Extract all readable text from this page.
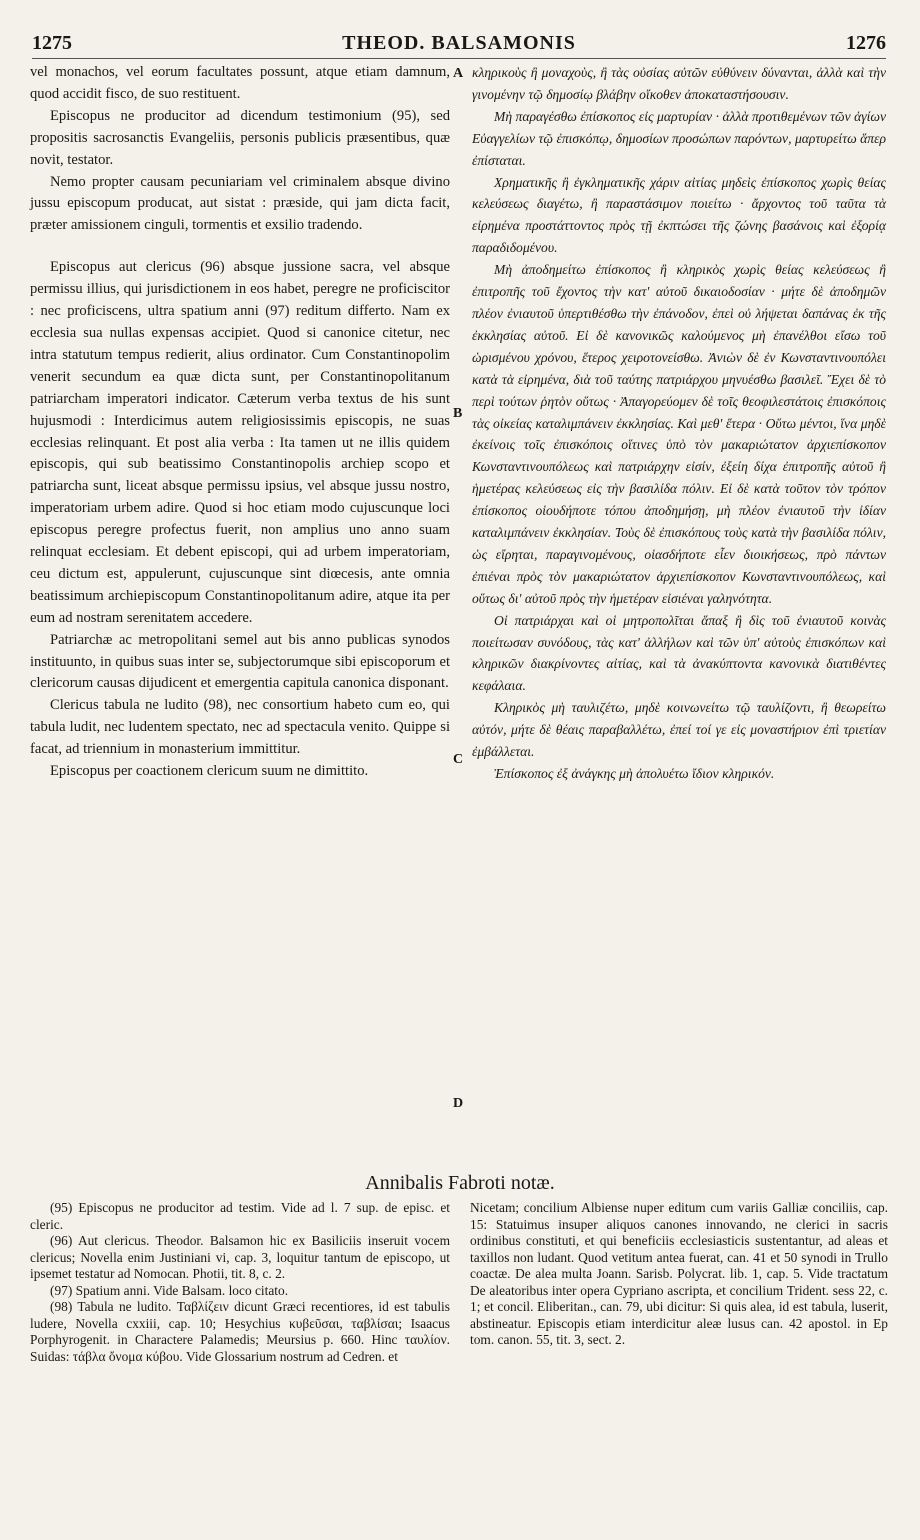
1275	THEOD. BALSAMONIS	1276
A
B
C
D

vel monachos, vel eorum facultates possunt, atque etiam damnum, quod accidit fisco, de suo restituent.

Episcopus ne producitor ad dicendum testimonium (95), sed propositis sacrosanctis Evangeliis, personis publicis præsentibus, quæ novit, testator.

Nemo propter causam pecuniariam vel criminalem absque divino jussu episcopum producat, aut sistat : præside, qui jam dicta facit, præter amissionem cinguli, tormentis et exsilio tradendo.

Episcopus aut clericus (96) absque jussione sacra, vel absque permissu illius, qui jurisdictionem in eos habet, peregre ne proficiscitor : nec proficiscens, ultra spatium anni (97) reditum differto. Nam ex ecclesia sua nullas expensas accipiet. Quod si canonice citetur, nec intra statutum tempus redierit, alius ordinator. Cum Constantinopolim venerit secundum ea quæ dicta sunt, per Constantinopolitanum patriarcham imperatori indicator. Cæterum verba textus de his sunt hujusmodi : Interdicimus autem religiosissimis episcopis, ne suas ecclesias relinquant. Et post alia verba : Ita tamen ut ne illis quidem episcopis, qui sub beatissimo Constantinopolis archiep scopo et patriarcha sunt, liceat absque permissu ipsius, vel absque jussu nostro, imperatoriam urbem adire. Quod si hoc etiam modo cujuscunque loci episcopus peregre profectus fuerit, non amplius uno anno suam relinquat ecclesiam. Et debent episcopi, qui ad urbem imperatoriam, ceu dictum est, appulerunt, cujuscunque sint diœcesis, ante omnia beatissimum archiepiscopum Constantinopolitanum adire, atque ita per eum ad nostram serenitatem accedere.

Patriarchæ ac metropolitani semel aut bis anno publicas synodos instituunto, in quibus suas inter se, subjectorumque sibi episcoporum et clericorum causas dijudicent et emergentia capitula canonica disponant.

Clericus tabula ne ludito (98), nec consortium habeto cum eo, qui tabula ludit, nec ludentem spectato, nec ad spectacula venito. Quippe si facat, ad triennium in monasterium immittitur.

Episcopus per coactionem clericum suum ne dimittito.

κληρικοὺς ἢ μοναχοὺς, ἢ τὰς οὐσίας αὐτῶν εὐθύνειν δύνανται, ἀλλὰ καὶ τὴν γινομένην τῷ δημοσίῳ βλάβην οἴκοθεν ἀποκαταστήσουσιν.

Μὴ παραγέσθω ἐπίσκοπος εἰς μαρτυρίαν · ἀλλὰ προτιθεμένων τῶν ἁγίων Εὐαγγελίων τῷ ἐπισκόπῳ, δημοσίων προσώπων παρόντων, μαρτυρείτω ἅπερ ἐπίσταται.

Χρηματικῆς ἢ ἐγκληματικῆς χάριν αἰτίας μηδεὶς ἐπίσκοπος χωρὶς θείας κελεύσεως διαγέτω, ἢ παραστάσιμον ποιείτω · ἄρχοντος τοῦ ταῦτα τὰ εἰρημένα προστάττοντος πρὸς τῇ ἐκπτώσει τῆς ζώνης βασάνοις καὶ ἐξορίᾳ παραδιδομένου.

Μὴ ἀποδημείτω ἐπίσκοπος ἢ κληρικὸς χωρὶς θείας κελεύσεως ἢ ἐπιτροπῆς τοῦ ἔχοντος τὴν κατ' αὐτοῦ δικαιοδοσίαν · μήτε δὲ ἀποδημῶν πλέον ἐνιαυτοῦ ὑπερτιθέσθω τὴν ἐπάνοδον, ἐπεὶ οὐ λήψεται δαπάνας ἐκ τῆς ἐκκλησίας αὐτοῦ. Εἰ δὲ κανονικῶς καλούμενος μὴ ἐπανέλθοι εἴσω τοῦ ὡρισμένου χρόνου, ἕτερος χειροτονείσθω. Ἀνιὼν δὲ ἐν Κωνσταντινουπόλει κατὰ τὰ εἰρημένα, διὰ τοῦ ταύτης πατριάρχου μηνυέσθω βασιλεῖ. Ἔχει δὲ τὸ περὶ τούτων ῥητὸν οὕτως · Ἀπαγορεύομεν δὲ τοῖς θεοφιλεστάτοις ἐπισκόποις τὰς οἰκείας καταλιμπάνειν ἐκκλησίας. Καὶ μεθ' ἕτερα · Οὕτω μέντοι, ἵνα μηδὲ ἐκείνοις τοῖς ἐπισκόποις οἵτινες ὑπὸ τὸν μακαριώτατον ἀρχιεπίσκοπον Κωνσταντινουπόλεως καὶ πατριάρχην εἰσίν, ἐξείη δίχα ἐπιτροπῆς αὐτοῦ ἢ ἡμετέρας κελεύσεως εἰς τὴν βασιλίδα πόλιν. Εἰ δὲ κατὰ τοῦτον τὸν τρόπον ἐπίσκοπος οἱουδήποτε τόπου ἀποδημήσῃ, μὴ πλέον ἐνιαυτοῦ τὴν ἰδίαν καταλιμπάνειν ἐκκλησίαν. Τοὺς δὲ ἐπισκόπους τοὺς κατὰ τὴν βασιλίδα πόλιν, ὡς εἴρηται, παραγινομένους, οἱασδήποτε εἶεν διοικήσεως, πρὸ πάντων ἐπιέναι πρὸς τὸν μακαριώτατον ἀρχιεπίσκοπον Κωνσταντινουπόλεως, καὶ οὕτως δι' αὐτοῦ πρὸς τὴν ἡμετέραν εἰσιέναι γαληνότητα.

Οἱ πατριάρχαι καὶ οἱ μητροπολῖται ἅπαξ ἢ δὶς τοῦ ἐνιαυτοῦ κοινὰς ποιείτωσαν συνόδους, τὰς κατ' ἀλλήλων καὶ τῶν ὑπ' αὐτοὺς ἐπισκόπων καὶ κληρικῶν διακρίνοντες αἰτίας, καὶ τὰ ἀνακύπτοντα κανονικὰ διατιθέντες κεφάλαια.

Κληρικὸς μὴ ταυλιζέτω, μηδὲ κοινωνείτω τῷ ταυλίζοντι, ἢ θεωρείτω αὐτόν, μήτε δὲ θέαις παραβαλλέτω, ἐπεί τοί γε εἰς μοναστήριον ἐπὶ τριετίαν ἐμβάλλεται.

Ἐπίσκοπος ἐξ ἀνάγκης μὴ ἀπολυέτω ἴδιον κληρικόν.

Annibalis Fabroti notæ.

(95) Episcopus ne producitor ad testim. Vide ad l. 7 sup. de episc. et cleric.

(96) Aut clericus. Theodor. Balsamon hic ex Basiliciis inseruit vocem clericus; Novella enim Justiniani vi, cap. 3, loquitur tantum de episcopo, ut ipsemet testatur ad Nomocan. Photii, tit. 8, c. 2.

(97) Spatium anni. Vide Balsam. loco citato.

(98) Tabula ne ludito. Ταβλίζειν dicunt Græci recentiores, id est tabulis ludere, Novella cxxiii, cap. 10; Hesychius κυβεῦσαι, ταβλίσαι; Isaacus Porphyrogenit. in Charactere Palamedis; Meursius p. 660. Hinc ταυλίον. Suidas: τάβλα ὄνομα κύβου. Vide Glossarium nostrum ad Cedren. et

Nicetam; concilium Albiense nuper editum cum variis Galliæ conciliis, cap. 15: Statuimus insuper aliquos canones innovando, ne clerici in sacris ordinibus constituti, et qui beneficiis ecclesiasticis sustentantur, ad aleas et taxillos non ludant. Quod vetitum antea fuerat, can. 41 et 50 synodi in Trullo coactæ. De alea multa Joann. Sarisb. Polycrat. lib. 1, cap. 5. Vide tractatum De aleatoribus inter opera Cypriano ascripta, et concilium Trident. sess 22, c. 1; et concil. Eliberitan., can. 79, ubi dicitur: Si quis alea, id est tabula, luserit, abstineatur. Episcopis etiam interdicitur aleæ lusus can. 42 apostol. in Ep tom. canon. 55, tit. 3, sect. 2.
